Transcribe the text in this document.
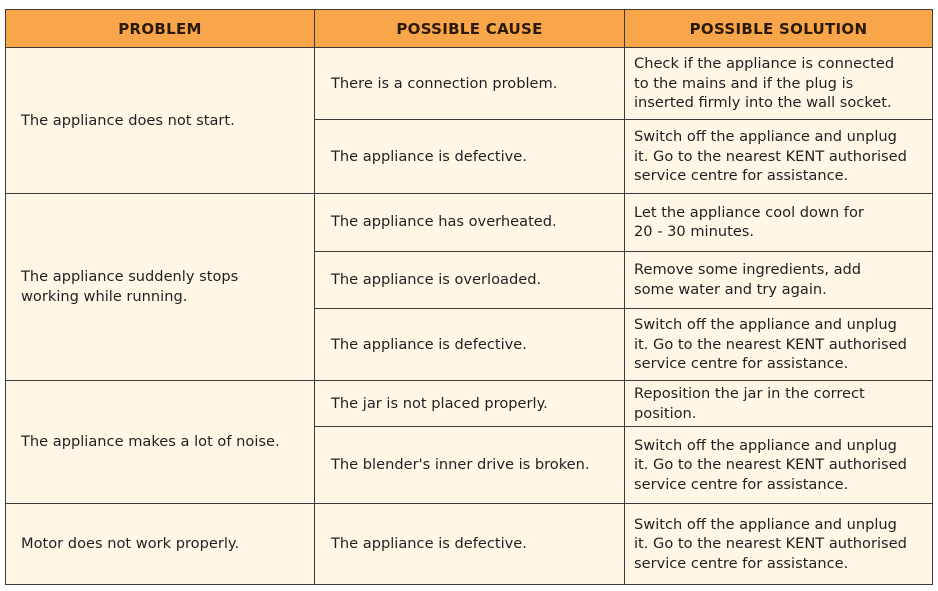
PROBLEM	POSSIBLE CAUSE	POSSIBLE SOLUTION

The appliance does not start.	There is a connection problem.	Check if the appliance is connected
to the mains and if the plug is
inserted firmly into the wall socket.

	The appliance is defective.	Switch off the appliance and unplug
it. Go to the nearest KENT authorised
service centre for assistance.

The appliance suddenly stops
working while running.	The appliance has overheated.	Let the appliance cool down for
20 - 30 minutes.

	The appliance is overloaded.	Remove some ingredients, add
some water and try again.

	The appliance is defective.	Switch off the appliance and unplug
it. Go to the nearest KENT authorised
service centre for assistance.

The appliance makes a lot of noise.	The jar is not placed properly.	Reposition the jar in the correct
position.

	The blender's inner drive is broken.	Switch off the appliance and unplug
it. Go to the nearest KENT authorised
service centre for assistance.

Motor does not work properly.	The appliance is defective.	Switch off the appliance and unplug
it. Go to the nearest KENT authorised
service centre for assistance.
